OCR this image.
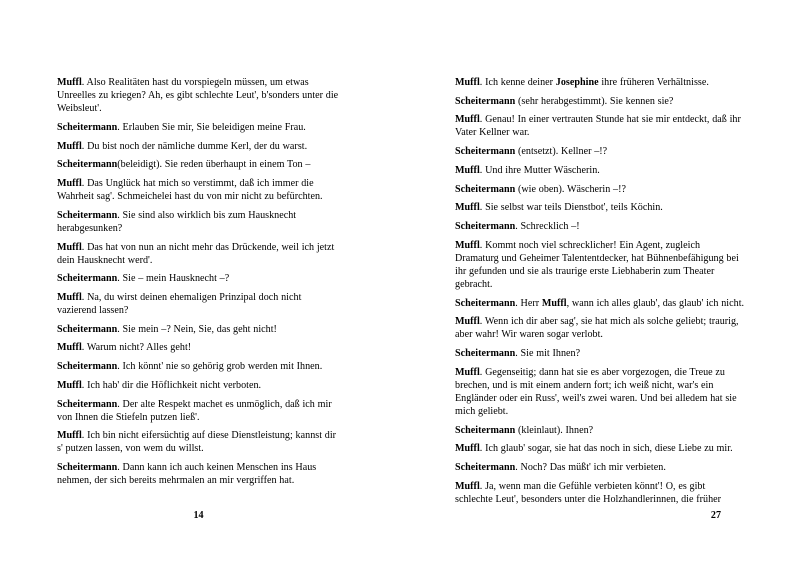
Muffl. Also Realitäten hast du vorspiegeln müssen, um etwas Unreelles zu kriegen? Ah, es gibt schlechte Leut', b'sonders unter die Weibsleut'.

Scheitermann. Erlauben Sie mir, Sie beleidigen meine Frau.

Muffl. Du bist noch der nämliche dumme Kerl, der du warst.

Scheitermann(beleidigt). Sie reden überhaupt in einem Ton –

Muffl. Das Unglück hat mich so verstimmt, daß ich immer die Wahrheit sag'. Schmeichelei hast du von mir nicht zu befürchten.

Scheitermann. Sie sind also wirklich bis zum Hausknecht herabgesunken?

Muffl. Das hat von nun an nicht mehr das Drückende, weil ich jetzt dein Hausknecht werd'.

Scheitermann. Sie – mein Hausknecht –?

Muffl. Na, du wirst deinen ehemaligen Prinzipal doch nicht vazierend lassen?

Scheitermann. Sie mein –? Nein, Sie, das geht nicht!

Muffl. Warum nicht? Alles geht!

Scheitermann. Ich könnt' nie so gehörig grob werden mit Ihnen.

Muffl. Ich hab' dir die Höflichkeit nicht verboten.

Scheitermann. Der alte Respekt machet es unmöglich, daß ich mir von Ihnen die Stiefeln putzen ließ'.

Muffl. Ich bin nicht eifersüchtig auf diese Dienstleistung; kannst dir s' putzen lassen, von wem du willst.

Scheitermann. Dann kann ich auch keinen Menschen ins Haus nehmen, der sich bereits mehrmalen an mir vergriffen hat.

14

Muffl. Ich kenne deiner Josephine ihre früheren Verhältnisse.

Scheitermann (sehr herabgestimmt). Sie kennen sie?

Muffl. Genau! In einer vertrauten Stunde hat sie mir entdeckt, daß ihr Vater Kellner war.

Scheitermann (entsetzt). Kellner –!?

Muffl. Und ihre Mutter Wäscherin.

Scheitermann (wie oben). Wäscherin –!?

Muffl. Sie selbst war teils Dienstbot', teils Köchin.

Scheitermann. Schrecklich –!

Muffl. Kommt noch viel schrecklicher! Ein Agent, zugleich Dramaturg und Geheimer Talententdecker, hat Bühnenbefähigung bei ihr gefunden und sie als traurige erste Liebhaberin zum Theater gebracht.

Scheitermann. Herr Muffl, wann ich alles glaub', das glaub' ich nicht.

Muffl. Wenn ich dir aber sag', sie hat mich als solche geliebt; traurig, aber wahr! Wir waren sogar verlobt.

Scheitermann. Sie mit Ihnen?

Muffl. Gegenseitig; dann hat sie es aber vorgezogen, die Treue zu brechen, und is mit einem andern fort; ich weiß nicht, war's ein Engländer oder ein Russ', weil's zwei waren. Und bei alledem hat sie mich geliebt.

Scheitermann (kleinlaut). Ihnen?

Muffl. Ich glaub' sogar, sie hat das noch in sich, diese Liebe zu mir.

Scheitermann. Noch? Das müßt' ich mir verbieten.

Muffl. Ja, wenn man die Gefühle verbieten könnt'! O, es gibt schlechte Leut', besonders unter die Holzhandlerinnen, die früher

27
